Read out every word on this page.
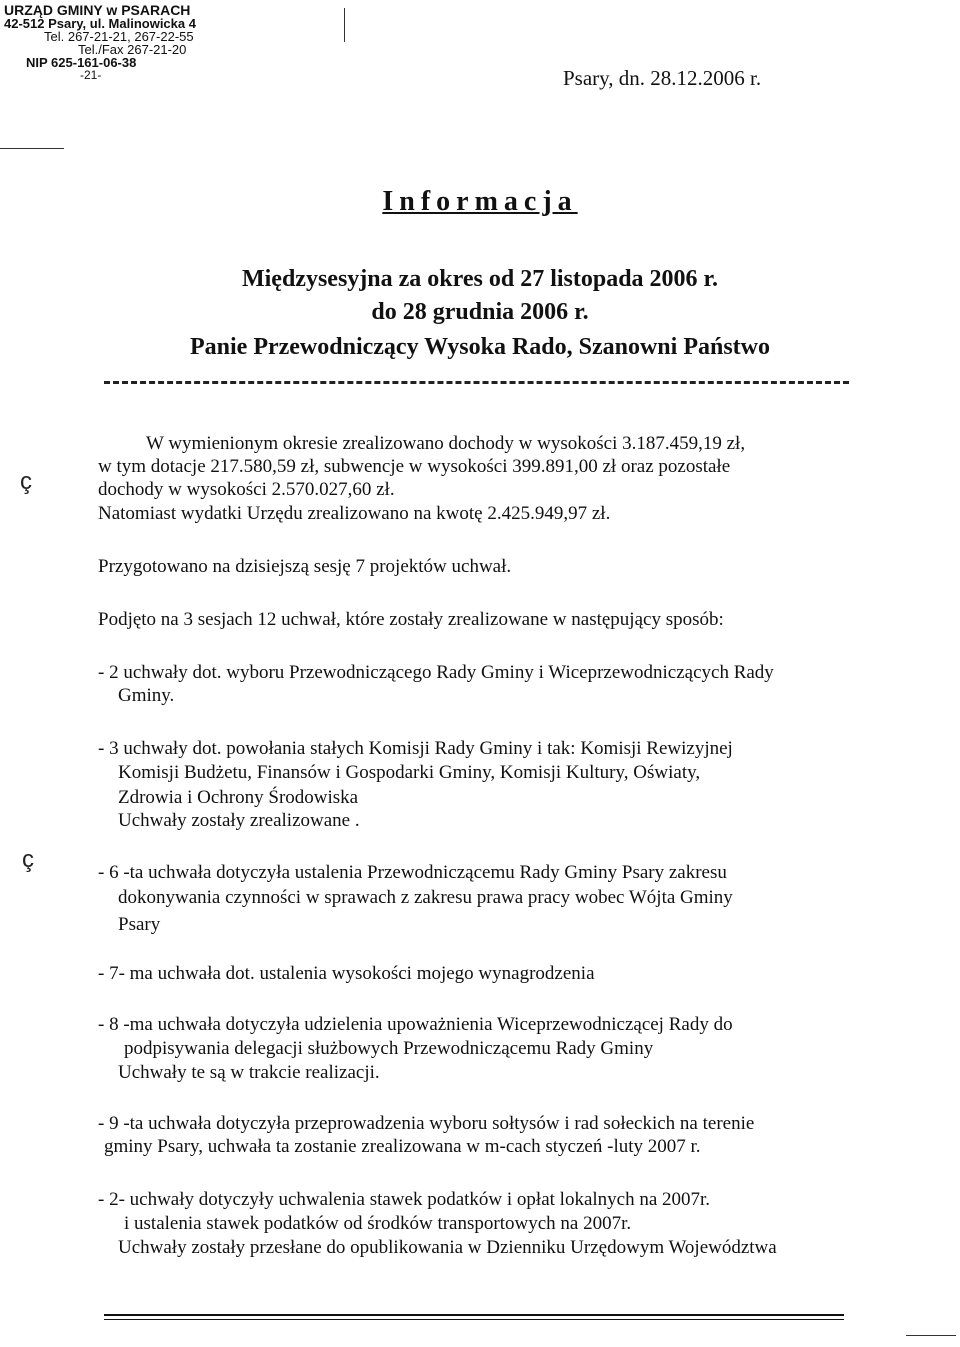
URZĄD GMINY w PSARACH
42-512 Psary, ul. Malinowicka 4
Tel. 267-21-21, 267-22-55
Tel./Fax 267-21-20
NIP 625-161-06-38
-21-	Psary, dn. 28.12.2006 r.
Informacja
Międzysesyjna za okres od 27 listopada 2006 r.
do 28 grudnia 2006 r.
Panie Przewodniczący Wysoka Rado, Szanowni Państwo
ç
ç
W wymienionym okresie zrealizowano dochody w wysokości 3.187.459,19 zł,
w tym dotacje 217.580,59 zł, subwencje w wysokości 399.891,00 zł oraz pozostałe
dochody w wysokości 2.570.027,60 zł.
Natomiast wydatki Urzędu zrealizowano na kwotę 2.425.949,97 zł.
Przygotowano na dzisiejszą sesję 7 projektów uchwał.
Podjęto na 3 sesjach 12 uchwał, które zostały zrealizowane w następujący sposób:
- 2 uchwały dot. wyboru Przewodniczącego Rady Gminy i Wiceprzewodniczących Rady
Gminy.
- 3 uchwały dot. powołania stałych Komisji Rady Gminy i tak: Komisji Rewizyjnej
Komisji Budżetu, Finansów i Gospodarki Gminy, Komisji Kultury, Oświaty,
Zdrowia i Ochrony Środowiska
Uchwały zostały zrealizowane .
- 6 -ta uchwała dotyczyła ustalenia Przewodniczącemu Rady Gminy Psary zakresu
dokonywania czynności w sprawach z zakresu prawa pracy wobec Wójta Gminy
Psary
- 7- ma uchwała dot. ustalenia wysokości mojego wynagrodzenia
- 8 -ma uchwała dotyczyła udzielenia upoważnienia Wiceprzewodniczącej Rady do
podpisywania delegacji służbowych Przewodniczącemu Rady Gminy
Uchwały te są w trakcie realizacji.
- 9 -ta uchwała dotyczyła przeprowadzenia wyboru sołtysów i rad sołeckich na terenie
gminy Psary, uchwała ta zostanie zrealizowana w m-cach styczeń -luty 2007 r.
- 2- uchwały dotyczyły uchwalenia stawek podatków i opłat lokalnych na 2007r.
i ustalenia stawek podatków od środków transportowych na 2007r.
Uchwały zostały przesłane do opublikowania w Dzienniku Urzędowym Województwa
